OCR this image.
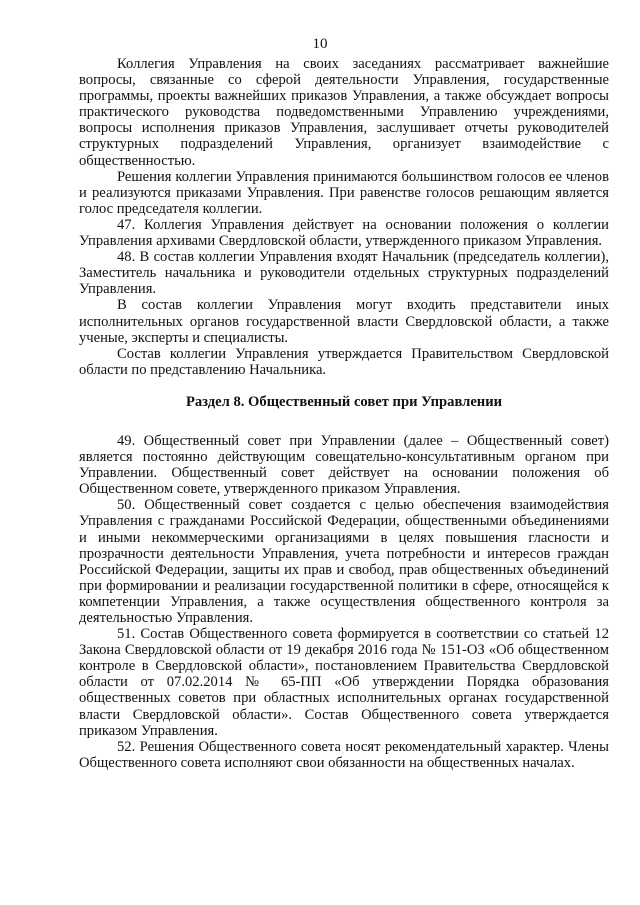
10

Коллегия Управления на своих заседаниях рассматривает важнейшие вопросы, связанные со сферой деятельности Управления, государственные программы, проекты важнейших приказов Управления, а также обсуждает вопросы практического руководства подведомственными Управлению учреждениями, вопросы исполнения приказов Управления, заслушивает отчеты руководителей структурных подразделений Управления, организует взаимодействие с общественностью.

Решения коллегии Управления принимаются большинством голосов ее членов и реализуются приказами Управления. При равенстве голосов решающим является голос председателя коллегии.

47. Коллегия Управления действует на основании положения о коллегии Управления архивами Свердловской области, утвержденного приказом Управления.

48. В состав коллегии Управления входят Начальник (председатель коллегии), Заместитель начальника и руководители отдельных структурных подразделений Управления.

В состав коллегии Управления могут входить представители иных исполнительных органов государственной власти Свердловской области, а также ученые, эксперты и специалисты.

Состав коллегии Управления утверждается Правительством Свердловской области по представлению Начальника.

Раздел 8. Общественный совет при Управлении

49. Общественный совет при Управлении (далее – Общественный совет) является постоянно действующим совещательно-консультативным органом при Управлении. Общественный совет действует на основании положения об Общественном совете, утвержденного приказом Управления.

50. Общественный совет создается с целью обеспечения взаимодействия Управления с гражданами Российской Федерации, общественными объединениями и иными некоммерческими организациями в целях повышения гласности и прозрачности деятельности Управления, учета потребности и интересов граждан Российской Федерации, защиты их прав и свобод, прав общественных объединений при формировании и реализации государственной политики в сфере, относящейся к компетенции Управления, а также осуществления общественного контроля за деятельностью Управления.

51. Состав Общественного совета формируется в соответствии со статьей 12 Закона Свердловской области от 19 декабря 2016 года № 151-ОЗ «Об общественном контроле в Свердловской области», постановлением Правительства Свердловской области от 07.02.2014 № 65-ПП «Об утверждении Порядка образования общественных советов при областных исполнительных органах государственной власти Свердловской области». Состав Общественного совета утверждается приказом Управления.

52. Решения Общественного совета носят рекомендательный характер. Члены Общественного совета исполняют свои обязанности на общественных началах.
